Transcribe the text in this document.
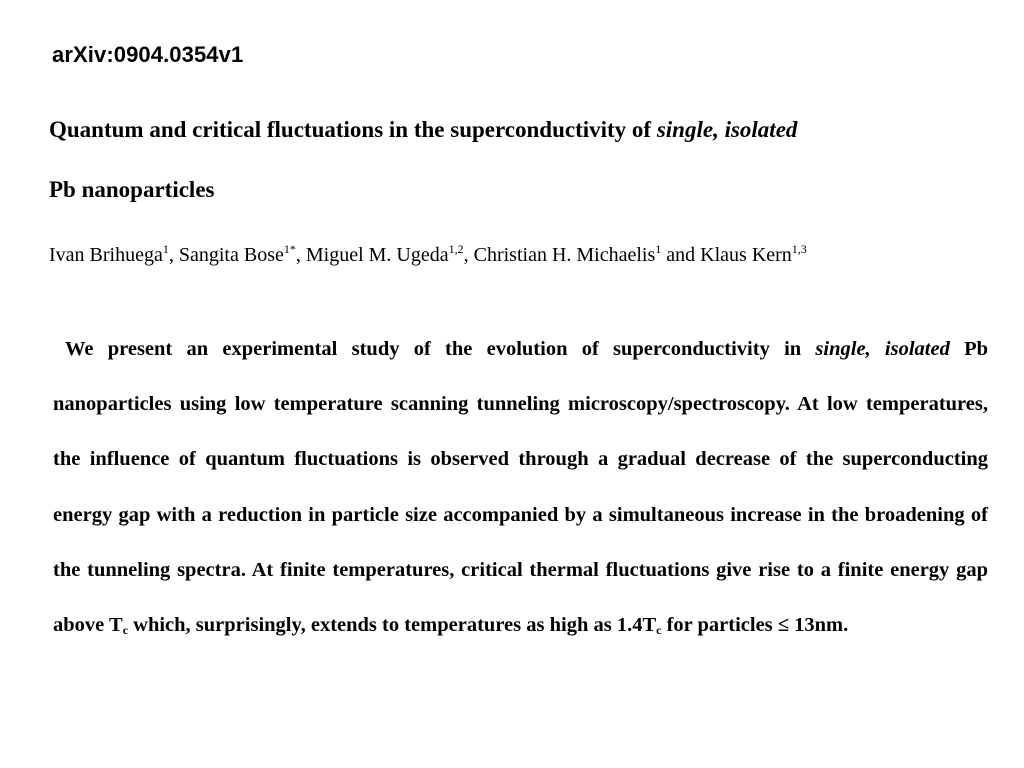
arXiv:0904.0354v1
Quantum and critical fluctuations in the superconductivity of single, isolated
Pb nanoparticles
Ivan Brihuega$^1$, Sangita Bose$^{1*}$, Miguel M. Ugeda$^{1,2}$, Christian H. Michaelis$^1$ and Klaus Kern$^{1,3}$

We present an experimental study of the evolution of superconductivity in single, isolated Pb nanoparticles using low temperature scanning tunneling microscopy/spectroscopy. At low temperatures, the influence of quantum fluctuations is observed through a gradual decrease of the superconducting energy gap with a reduction in particle size accompanied by a simultaneous increase in the broadening of the tunneling spectra. At finite temperatures, critical thermal fluctuations give rise to a finite energy gap above $T_c$ which, surprisingly, extends to temperatures as high as $1.4T_c$ for particles ≤ 13nm.
